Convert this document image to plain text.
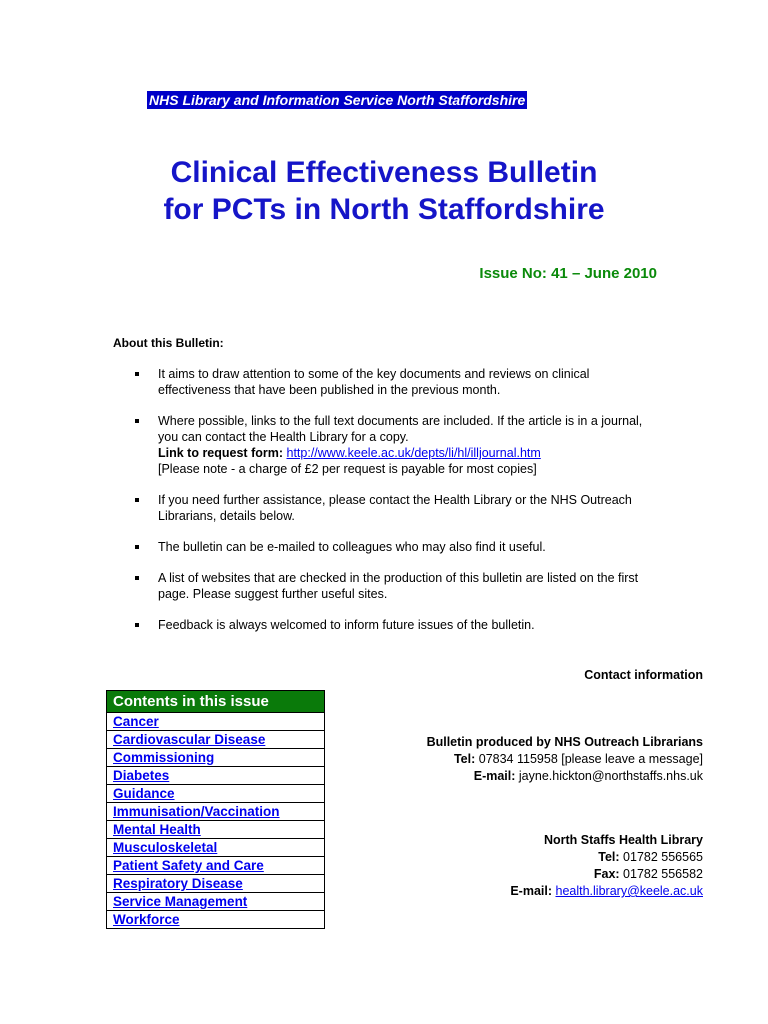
NHS Library and Information Service North Staffordshire
Clinical Effectiveness Bulletin
for PCTs in North Staffordshire
Issue No: 41 – June 2010
About this Bulletin:
It aims to draw attention to some of the key documents and reviews on clinical effectiveness that have been published in the previous month.
Where possible, links to the full text documents are included. If the article is in a journal, you can contact the Health Library for a copy.
Link to request form: http://www.keele.ac.uk/depts/li/hl/illjournal.htm
[Please note - a charge of £2 per request is payable for most copies]
If you need further assistance, please contact the Health Library or the NHS Outreach Librarians, details below.
The bulletin can be e-mailed to colleagues who may also find it useful.
A list of websites that are checked in the production of this bulletin are listed on the first page. Please suggest further useful sites.
Feedback is always welcomed to inform future issues of the bulletin.
Contact information
Contents in this issue
Cancer
Cardiovascular Disease
Commissioning
Diabetes
Guidance
Immunisation/Vaccination
Mental Health
Musculoskeletal
Patient Safety and Care
Respiratory Disease
Service Management
Workforce
Bulletin produced by NHS Outreach Librarians
Tel: 07834 115958 [please leave a message]
E-mail: jayne.hickton@northstaffs.nhs.uk
North Staffs Health Library
Tel: 01782 556565
Fax: 01782 556582
E-mail: health.library@keele.ac.uk
